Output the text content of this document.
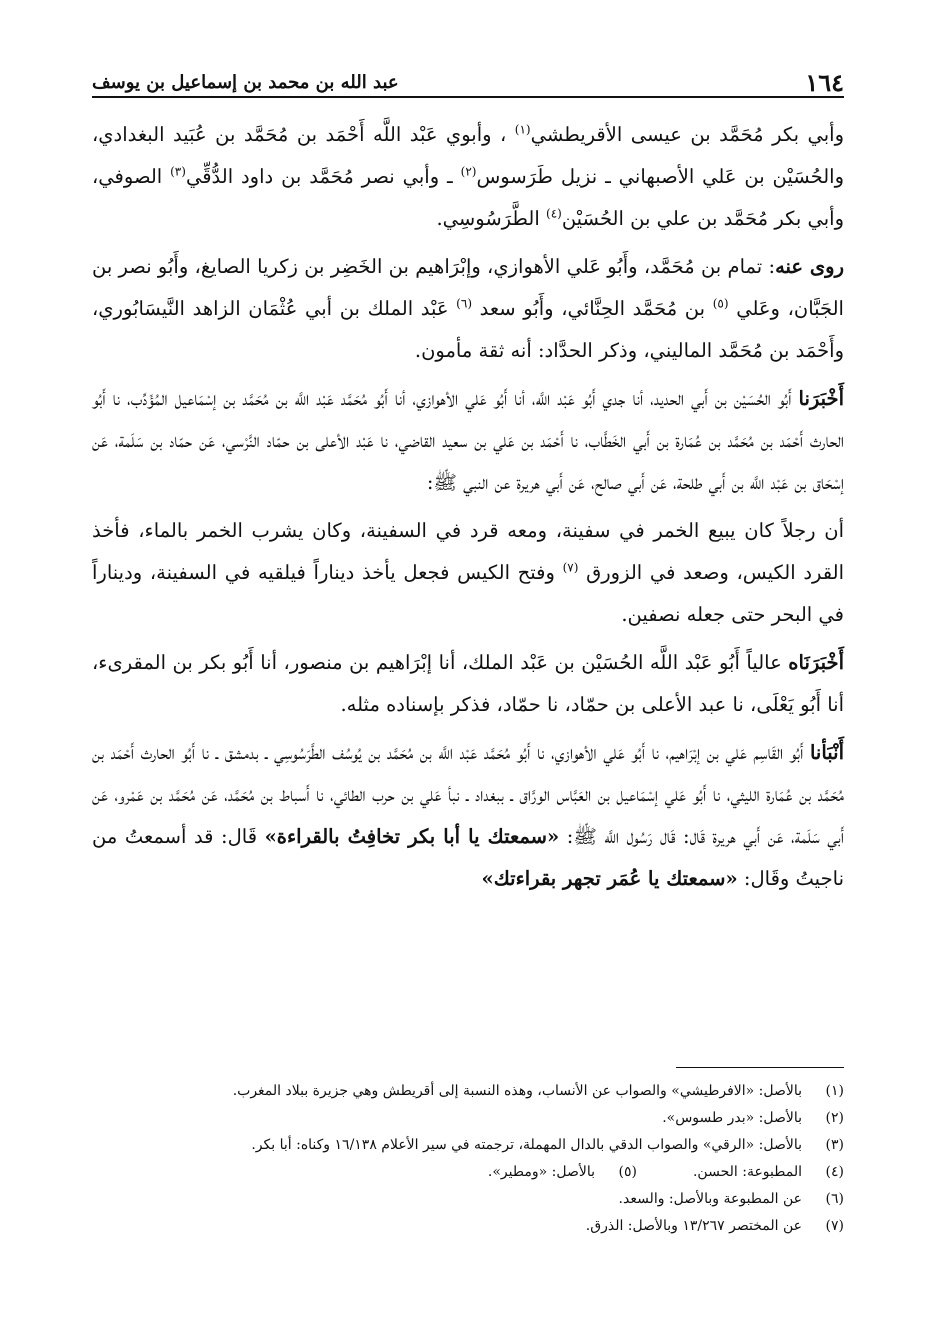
١٦٤
عبد الله بن محمد بن إسماعيل بن يوسف

وأبي بكر مُحَمَّد بن عيسى الأقريطشي$^{(١)}$ ، وأبوي عَبْد اللَّه أَحْمَد بن مُحَمَّد بن عُبَيد البغدادي، والحُسَيْن بن عَلي الأصبهاني ـ نزيل طَرَسوس$^{(٢)}$ ـ وأبي نصر مُحَمَّد بن داود الدُّقِّي$^{(٣)}$ الصوفي، وأبي بكر مُحَمَّد بن علي بن الحُسَيْن$^{(٤)}$ الطَّرَسُوسِي.

روى عنه: تمام بن مُحَمَّد، وأَبُو عَلي الأهوازي، وإبْرَاهيم بن الخَضِر بن زكريا الصايغ، وأَبُو نصر بن الجَبَّان، وعَلي $^{(٥)}$ بن مُحَمَّد الحِنَّائي، وأَبُو سعد $^{(٦)}$ عَبْد الملك بن أبي عُثْمَان الزاهد النَّيسَابُوري، وأَحْمَد بن مُحَمَّد الماليني، وذكر الحدَّاد: أنه ثقة مأمون.

أَخْبَرَنا أَبُو الحُسَيْن بن أَبي الحديد، أنا جدي أَبُو عَبْد اللَّه، أنا أَبُو عَلي الأهوازي، أنا أَبُو مُحَمَّد عَبْد اللَّه بن مُحَمَّد بن إسْمَاعيل المُؤَدِّب، نا أَبُو الحارث أَحْمَد بن مُحَمَّد بن عُمَارة بن أَبي الخَطَّاب، نا أَحْمَد بن عَلي بن سعيد القاضي، نا عَبْد الأعلى بن حمّاد النَّرْسي، عَن حمّاد بن سَلَمة، عَن إسْحَاق بن عَبْد اللَّه بن أَبي طلحة، عَن أَبي صالح، عَن أَبي هريرة عن النبي ﷺ:

أن رجلاً كان يبيع الخمر في سفينة، ومعه قرد في السفينة، وكان يشرب الخمر بالماء، فأخذ القرد الكيس، وصعد في الزورق $^{(٧)}$ وفتح الكيس فجعل يأخذ ديناراً فيلقيه في السفينة، وديناراً في البحر حتى جعله نصفين.

أَخْبَرَنَاه عالياً أَبُو عَبْد اللَّه الحُسَيْن بن عَبْد الملك، أنا إبْرَاهيم بن منصور، أنا أَبُو بكر بن المقرىء، أنا أَبُو يَعْلَى، نا عبد الأعلى بن حمّاد، نا حمّاد، فذكر بإسناده مثله.

أَنْبَأنا أَبُو القَاسِم عَلي بن إبْرَاهيم، نا أَبُو عَلي الأهوازي، نا أَبُو مُحَمَّد عَبْد اللَّه بن مُحَمَّد بن يُوسُف الطَّرَسُوسِي ـ بدمشق ـ نا أَبُو الحارث أَحْمَد بن مُحَمَّد بن عُمَارة الليثي، نا أَبُو عَلي إسْمَاعيل بن العَبَّاس الورَّاق ـ ببغداد ـ نبأ عَلي بن حرب الطائي، نا أَسباط بن مُحَمَّد، عَن مُحَمَّد بن عَمْرو، عَن أَبي سَلَمة، عَن أَبي هريرة قَال: قَال رَسُول اللَّه ﷺ: «سمعتك يا أبا بكر تخافِتُ بالقراءة» قَال: قد أسمعتُ من ناجيتُ وقَال: «سمعتك يا عُمَر تجهر بقراءتك»

(١)
بالأصل: «الافرطيشي» والصواب عن الأنساب، وهذه النسبة إلى أقريطش وهي جزيرة ببلاد المغرب.
(٢)
بالأصل: «بدر طسوس».
(٣)
بالأصل: «الرقي» والصواب الدقي بالدال المهملة، ترجمته في سير الأعلام ١٦/١٣٨ وكناه: أبا بكر.
(٤)
المطبوعة: الحسن.
(٥)
بالأصل: «ومطير».
(٦)
عن المطبوعة وبالأصل: والسعد.
(٧)
عن المختصر ١٣/٢٦٧ وبالأصل: الذرق.
